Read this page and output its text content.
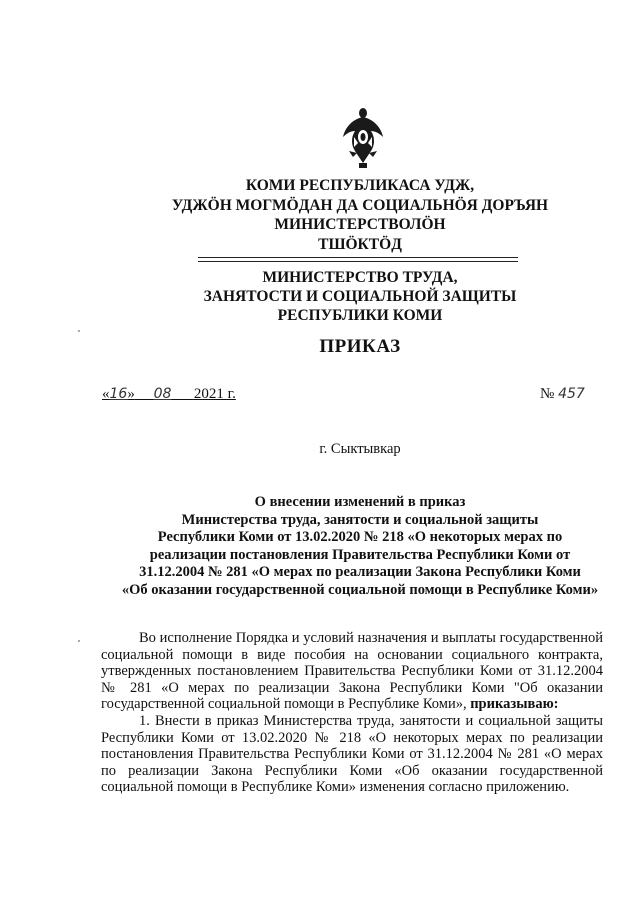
КОМИ РЕСПУБЛИКАСА УДЖ,
УДЖӦН МОГМӦДАН ДА СОЦИАЛЬНӦЯ ДОРЪЯН
МИНИСТЕРСТВОЛӦН
ТШӦКТӦД
МИНИСТЕРСТВО ТРУДА,
ЗАНЯТОСТИ И СОЦИАЛЬНОЙ ЗАЩИТЫ
РЕСПУБЛИКИ КОМИ
ПРИКАЗ
«16» 08 2021 г.	№ 457
г. Сыктывкар
О внесении изменений в приказ
Министерства труда, занятости и социальной защиты
Республики Коми от 13.02.2020 № 218 «О некоторых мерах по
реализации постановления Правительства Республики Коми от
31.12.2004 № 281 «О мерах по реализации Закона Республики Коми
«Об оказании государственной социальной помощи в Республике Коми»

Во исполнение Порядка и условий назначения и выплаты государственной социальной помощи в виде пособия на основании социального контракта, утвержденных постановлением Правительства Республики Коми от 31.12.2004 № 281 «О мерах по реализации Закона Республики Коми "Об оказании государственной социальной помощи в Республике Коми», приказываю:

1. Внести в приказ Министерства труда, занятости и социальной защиты Республики Коми от 13.02.2020 № 218 «О некоторых мерах по реализации постановления Правительства Республики Коми от 31.12.2004 № 281 «О мерах по реализации Закона Республики Коми «Об оказании государственной социальной помощи в Республике Коми» изменения согласно приложению.
